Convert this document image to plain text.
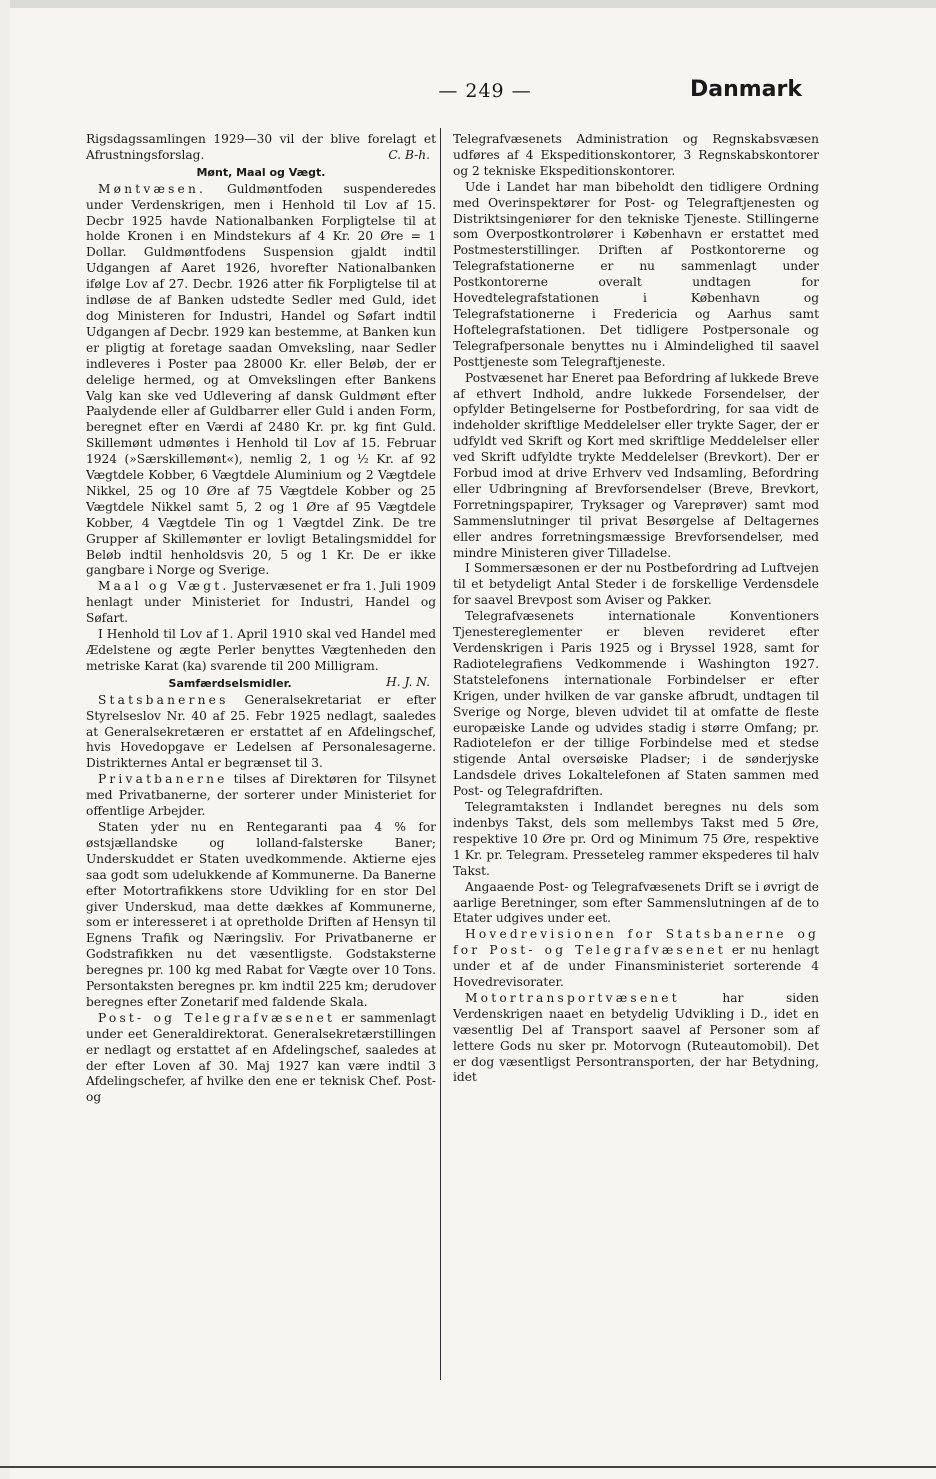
— 249 —	Danmark

Rigsdagssamlingen 1929—30 vil der blive forelagt et Afrustningsforslag.	C. B-h.

Mønt, Maal og Vægt.

Møntvæsen. Guldmøntfoden suspenderedes under Verdenskrigen, men i Henhold til Lov af 15. Decbr 1925 havde Nationalbanken Forpligtelse til at holde Kronen i en Mindstekurs af 4 Kr. 20 Øre = 1 Dollar. Guldmøntfodens Suspension gjaldt indtil Udgangen af Aaret 1926, hvorefter Nationalbanken ifølge Lov af 27. Decbr. 1926 atter fik Forpligtelse til at indløse de af Banken udstedte Sedler med Guld, idet dog Ministeren for Industri, Handel og Søfart indtil Udgangen af Decbr. 1929 kan bestemme, at Banken kun er pligtig at foretage saadan Omveksling, naar Sedler indleveres i Poster paa 28000 Kr. eller Beløb, der er delelige hermed, og at Omvekslingen efter Bankens Valg kan ske ved Udlevering af dansk Guldmønt efter Paalydende eller af Guldbarrer eller Guld i anden Form, beregnet efter en Værdi af 2480 Kr. pr. kg fint Guld. Skillemønt udmøntes i Henhold til Lov af 15. Februar 1924 (»Særskillemønt«), nemlig 2, 1 og ½ Kr. af 92 Vægtdele Kobber, 6 Vægtdele Aluminium og 2 Vægtdele Nikkel, 25 og 10 Øre af 75 Vægtdele Kobber og 25 Vægtdele Nikkel samt 5, 2 og 1 Øre af 95 Vægtdele Kobber, 4 Vægtdele Tin og 1 Vægtdel Zink. De tre Grupper af Skillemønter er lovligt Betalingsmiddel for Beløb indtil henholdsvis 20, 5 og 1 Kr. De er ikke gangbare i Norge og Sverige.

Maal og Vægt. Justervæsenet er fra 1. Juli 1909 henlagt under Ministeriet for Industri, Handel og Søfart.

I Henhold til Lov af 1. April 1910 skal ved Handel med Ædelstene og ægte Perler benyttes Vægtenheden den metriske Karat (ka) svarende til 200 Milligram.
H. J. N.

Samfærdselsmidler.

Statsbanernes Generalsekretariat er efter Styrelseslov Nr. 40 af 25. Febr 1925 nedlagt, saaledes at Generalsekretæren er erstattet af en Afdelingschef, hvis Hovedopgave er Ledelsen af Personalesagerne. Distrikternes Antal er begrænset til 3.

Privatbanerne tilses af Direktøren for Tilsynet med Privatbanerne, der sorterer under Ministeriet for offentlige Arbejder.

Staten yder nu en Rentegaranti paa 4 % for østsjællandske og lolland-falsterske Baner; Underskuddet er Staten uvedkommende. Aktierne ejes saa godt som udelukkende af Kommunerne. Da Banerne efter Motortrafikkens store Udvikling for en stor Del giver Underskud, maa dette dækkes af Kommunerne, som er interesseret i at opretholde Driften af Hensyn til Egnens Trafik og Næringsliv. For Privatbanerne er Godstrafikken nu det væsentligste. Godstaksterne beregnes pr. 100 kg med Rabat for Vægte over 10 Tons. Persontaksten beregnes pr. km indtil 225 km; derudover beregnes efter Zonetarif med faldende Skala.

Post- og Telegrafvæsenet er sammenlagt under eet Generaldirektorat. Generalsekretærstillingen er nedlagt og erstattet af en Afdelingschef, saaledes at der efter Loven af 30. Maj 1927 kan være indtil 3 Afdelingschefer, af hvilke den ene er teknisk Chef. Post- og

Telegrafvæsenets Administration og Regnskabsvæsen udføres af 4 Ekspeditionskontorer, 3 Regnskabskontorer og 2 tekniske Ekspeditionskontorer.

Ude i Landet har man bibeholdt den tidligere Ordning med Overinspektører for Post- og Telegraftjenesten og Distriktsingeniører for den tekniske Tjeneste. Stillingerne som Overpostkontrolører i København er erstattet med Postmesterstillinger. Driften af Postkontorerne og Telegrafstationerne er nu sammenlagt under Postkontorerne overalt undtagen for Hovedtelegrafstationen i København og Telegrafstationerne i Fredericia og Aarhus samt Hoftelegrafstationen. Det tidligere Postpersonale og Telegrafpersonale benyttes nu i Almindelighed til saavel Posttjeneste som Telegraftjeneste.

Postvæsenet har Eneret paa Befordring af lukkede Breve af ethvert Indhold, andre lukkede Forsendelser, der opfylder Betingelserne for Postbefordring, for saa vidt de indeholder skriftlige Meddelelser eller trykte Sager, der er udfyldt ved Skrift og Kort med skriftlige Meddelelser eller ved Skrift udfyldte trykte Meddelelser (Brevkort). Der er Forbud imod at drive Erhverv ved Indsamling, Befordring eller Udbringning af Brevforsendelser (Breve, Brevkort, Forretningspapirer, Tryksager og Vareprøver) samt mod Sammenslutninger til privat Besørgelse af Deltagernes eller andres forretningsmæssige Brevforsendelser, med mindre Ministeren giver Tilladelse.

I Sommersæsonen er der nu Postbefordring ad Luftvejen til et betydeligt Antal Steder i de forskellige Verdensdele for saavel Brevpost som Aviser og Pakker.

Telegrafvæsenets internationale Konventioners Tjenestereglementer er bleven revideret efter Verdenskrigen i Paris 1925 og i Bryssel 1928, samt for Radiotelegrafiens Vedkommende i Washington 1927. Statstelefonens internationale Forbindelser er efter Krigen, under hvilken de var ganske afbrudt, undtagen til Sverige og Norge, bleven udvidet til at omfatte de fleste europæiske Lande og udvides stadig i større Omfang; pr. Radiotelefon er der tillige Forbindelse med et stedse stigende Antal oversøiske Pladser; i de sønderjyske Landsdele drives Lokaltelefonen af Staten sammen med Post- og Telegrafdriften.

Telegramtaksten i Indlandet beregnes nu dels som indenbys Takst, dels som mellembys Takst med 5 Øre, respektive 10 Øre pr. Ord og Minimum 75 Øre, respektive 1 Kr. pr. Telegram. Presseteleg rammer ekspederes til halv Takst.

Angaaende Post- og Telegrafvæsenets Drift se i øvrigt de aarlige Beretninger, som efter Sammenslutningen af de to Etater udgives under eet.

Hovedrevisionen for Statsbanerne og for Post- og Telegrafvæsenet er nu henlagt under et af de under Finansministeriet sorterende 4 Hovedrevisorater.

Motortransportvæsenet	har siden Verdenskrigen naaet en betydelig Udvikling i D., idet en væsentlig Del af Transport saavel af Personer som af lettere Gods nu sker pr. Motorvogn (Ruteautomobil). Det er dog væsentligst Persontransporten, der har Betydning, idet
